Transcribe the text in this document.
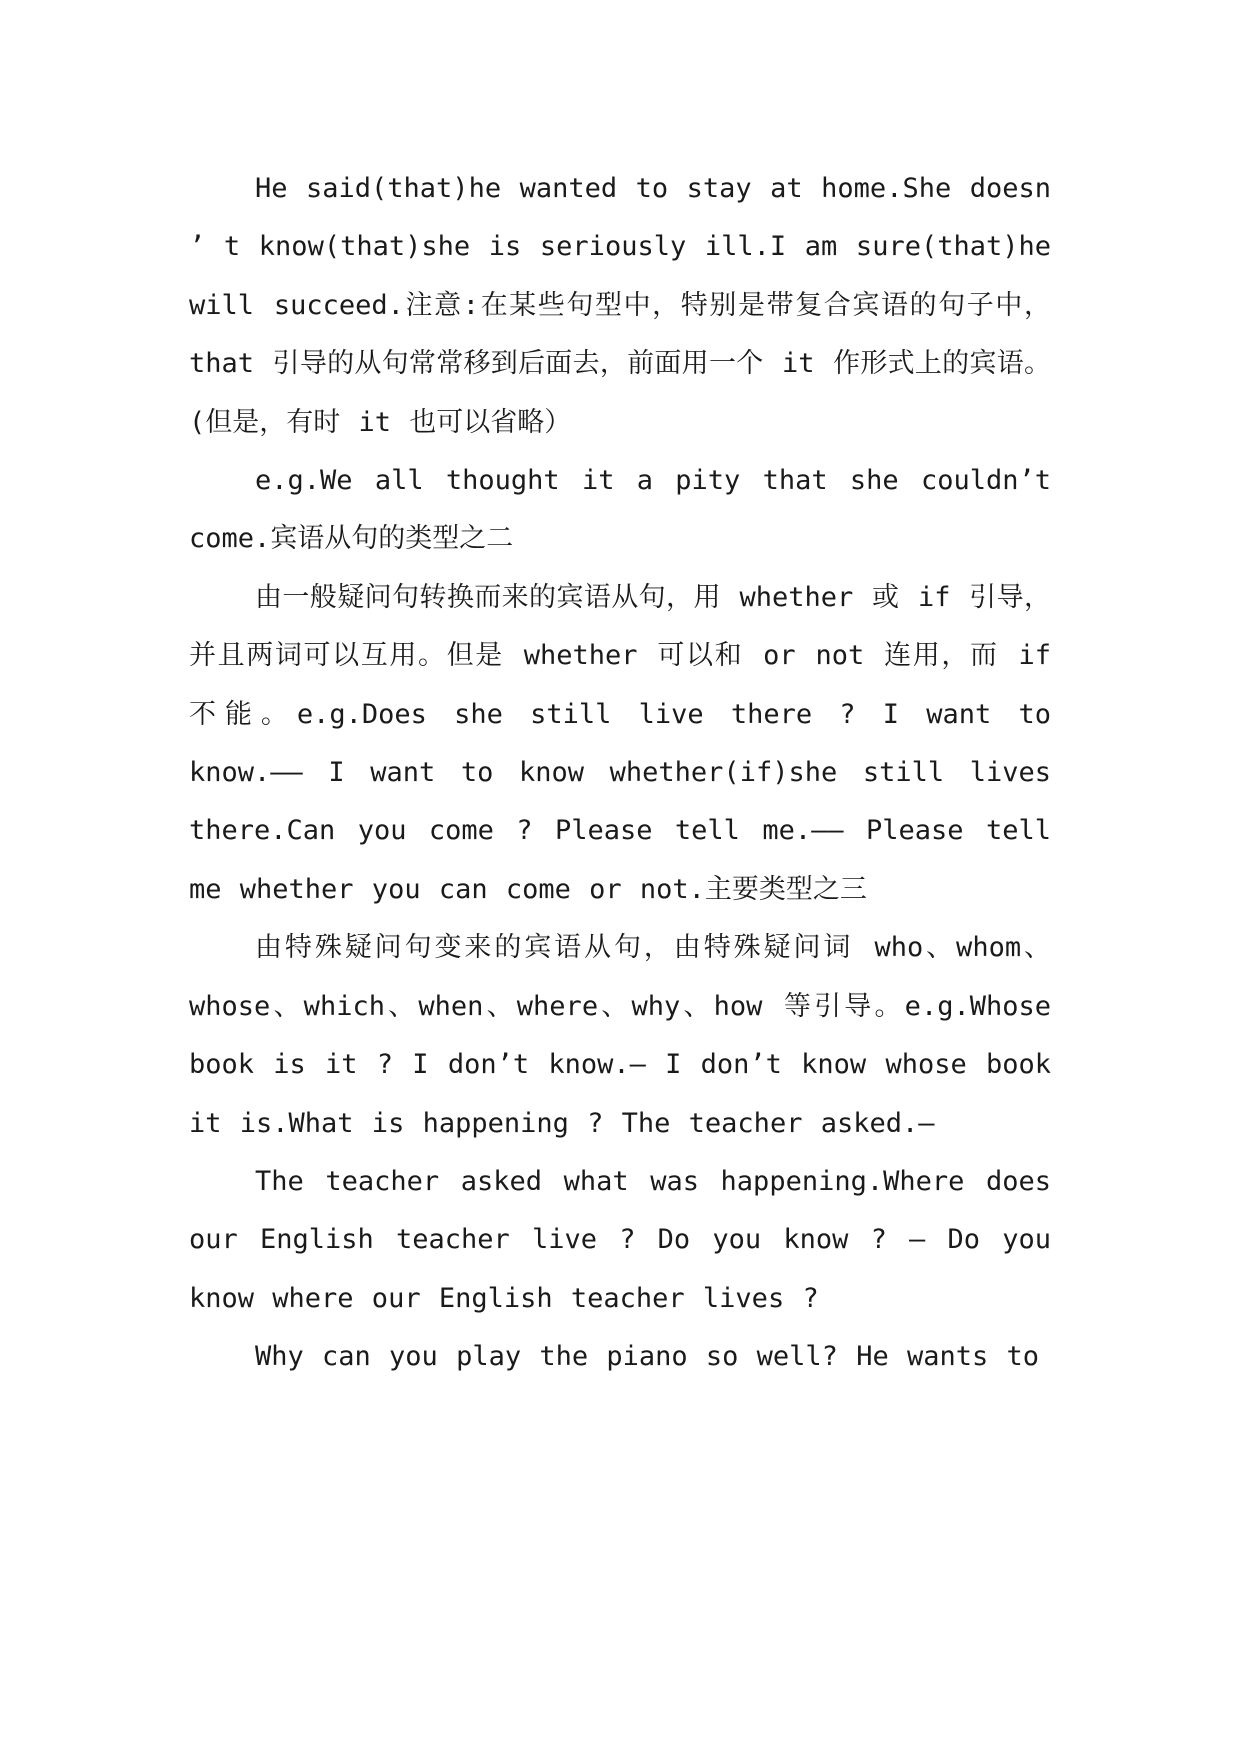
He said(that)he wanted to stay at home.She doesn ’ t know(that)she is seriously ill.I am sure(that)he will succeed.注意:在某些句型中，特别是带复合宾语的句子中，that 引导的从句常常移到后面去，前面用一个 it 作形式上的宾语。(但是，有时 it 也可以省略）

e.g.We all thought it a pity that she couldn’t come.宾语从句的类型之二

由一般疑问句转换而来的宾语从句，用 whether 或 if 引导，并且两词可以互用。但是 whether 可以和 or not 连用，而 if 不能。e.g.Does she still live there ? I want to know.—— I want to know whether(if)she still lives there.Can you come ? Please tell me.—— Please tell me whether you can come or not.主要类型之三

由特殊疑问句变来的宾语从句，由特殊疑问词 who、whom、whose、which、when、where、why、how 等引导。e.g.Whose book is it ? I don’t know.— I don’t know whose book it is.What is happening ? The teacher asked.—

The teacher asked what was happening.Where does our English teacher live ? Do you know ? — Do you know where our English teacher lives ?

Why can you play the piano so well? He wants to
